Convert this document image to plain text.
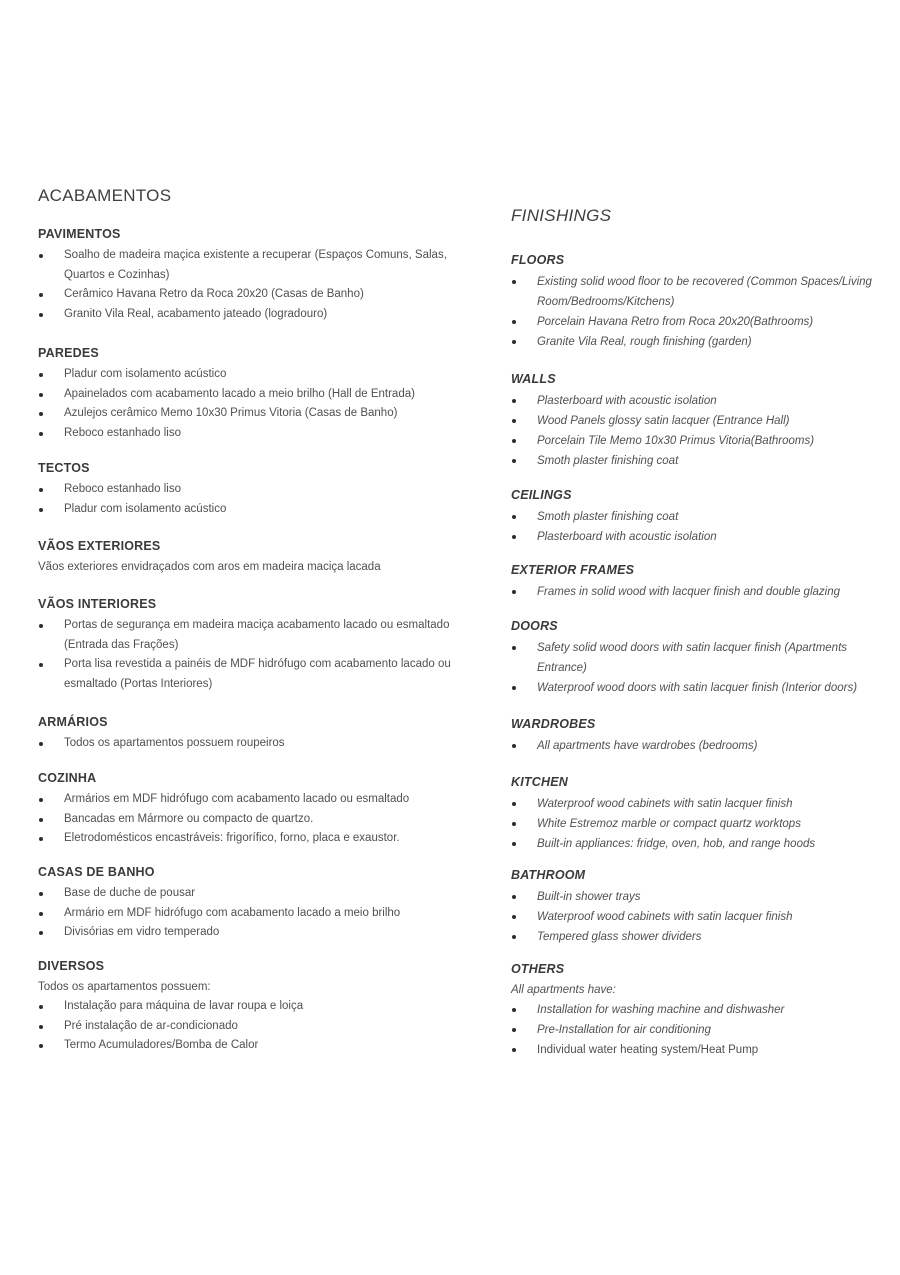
ACABAMENTOS
PAVIMENTOS
Soalho de madeira maçica existente a recuperar (Espaços Comuns, Salas, Quartos e Cozinhas)
Cerâmico Havana Retro da Roca 20x20 (Casas de Banho)
Granito Vila Real, acabamento jateado (logradouro)
PAREDES
Pladur com isolamento acústico
Apainelados com acabamento lacado a meio brilho (Hall de Entrada)
Azulejos cerâmico Memo 10x30 Primus Vitoria (Casas de Banho)
Reboco estanhado liso
TECTOS
Reboco estanhado liso
Pladur com isolamento acústico
VÃOS EXTERIORES

Vãos exteriores envidraçados com aros em madeira maciça lacada

VÃOS INTERIORES
Portas de segurança em madeira maciça acabamento lacado ou esmaltado (Entrada das Frações)
Porta lisa revestida a painéis de MDF hidrófugo com acabamento lacado ou esmaltado (Portas Interiores)
ARMÁRIOS
Todos os apartamentos possuem roupeiros
COZINHA
Armários em MDF hidrófugo com acabamento lacado ou esmaltado
Bancadas em Mármore ou compacto de quartzo.
Eletrodomésticos encastráveis: frigorífico, forno, placa e exaustor.
CASAS DE BANHO
Base de duche de pousar
Armário em MDF hidrófugo com acabamento lacado a meio brilho
Divisórias em vidro temperado
DIVERSOS

Todos os apartamentos possuem:

Instalação para máquina de lavar roupa e loiça
Pré instalação de ar-condicionado
Termo Acumuladores/Bomba de Calor
FINISHINGS
FLOORS
Existing solid wood floor to be recovered (Common Spaces/Living Room/Bedrooms/Kitchens)
Porcelain Havana Retro from Roca 20x20(Bathrooms)
Granite Vila Real, rough finishing (garden)
WALLS
Plasterboard with acoustic isolation
Wood Panels glossy satin lacquer (Entrance Hall)
Porcelain Tile Memo 10x30 Primus Vitoria(Bathrooms)
Smoth plaster finishing coat
CEILINGS
Smoth plaster finishing coat
Plasterboard with acoustic isolation
EXTERIOR FRAMES
Frames in solid wood with lacquer finish and double glazing
DOORS
Safety solid wood doors with satin lacquer finish (Apartments Entrance)
Waterproof wood doors with satin lacquer finish (Interior doors)
WARDROBES
All apartments have wardrobes (bedrooms)
KITCHEN
Waterproof wood cabinets with satin lacquer finish
White Estremoz marble or compact quartz worktops
Built-in appliances: fridge, oven, hob, and range hoods
BATHROOM
Built-in shower trays
Waterproof wood cabinets with satin lacquer finish
Tempered glass shower dividers
OTHERS

All apartments have:

Installation for washing machine and dishwasher
Pre-Installation for air conditioning
Individual water heating system/Heat Pump
